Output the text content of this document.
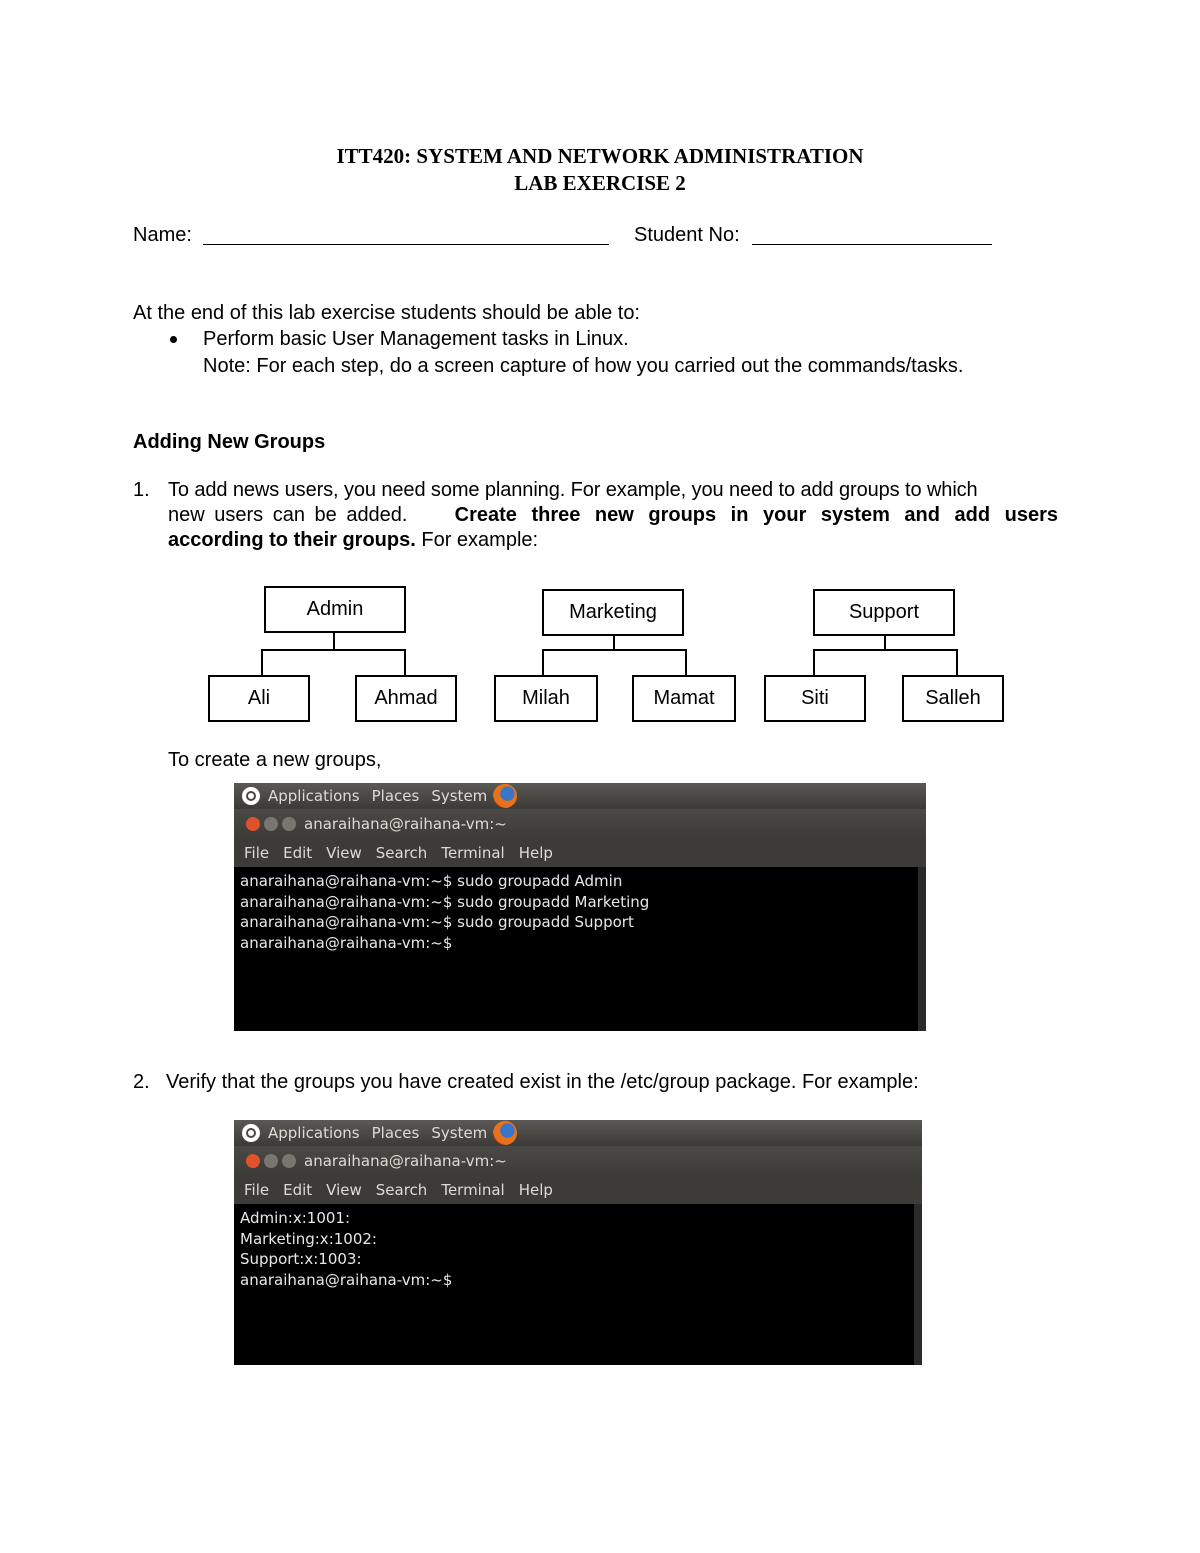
ITT420: SYSTEM AND NETWORK ADMINISTRATION
LAB EXERCISE 2
Name:	Student No:
At the end of this lab exercise students should be able to:
Perform basic User Management tasks in Linux.
Note: For each step, do a screen capture of how you carried out the commands/tasks.
Adding New Groups
1. To add news users, you need some planning. For example, you need to add groups to which
new users can be added. Create three new groups in your system and add users
according to their groups. For example:
Admin
Ali	Ahmad
Marketing
Milah	Mamat
Support
Siti	Salleh
To create a new groups,
Applications Places System
anaraihana@raihana-vm:~
File Edit View Search Terminal Help
anaraihana@raihana-vm:~$ sudo groupadd Admin
anaraihana@raihana-vm:~$ sudo groupadd Marketing
anaraihana@raihana-vm:~$ sudo groupadd Support
anaraihana@raihana-vm:~$
2. Verify that the groups you have created exist in the /etc/group package. For example:
Applications Places System
anaraihana@raihana-vm:~
File Edit View Search Terminal Help
Admin:x:1001:
Marketing:x:1002:
Support:x:1003:
anaraihana@raihana-vm:~$
